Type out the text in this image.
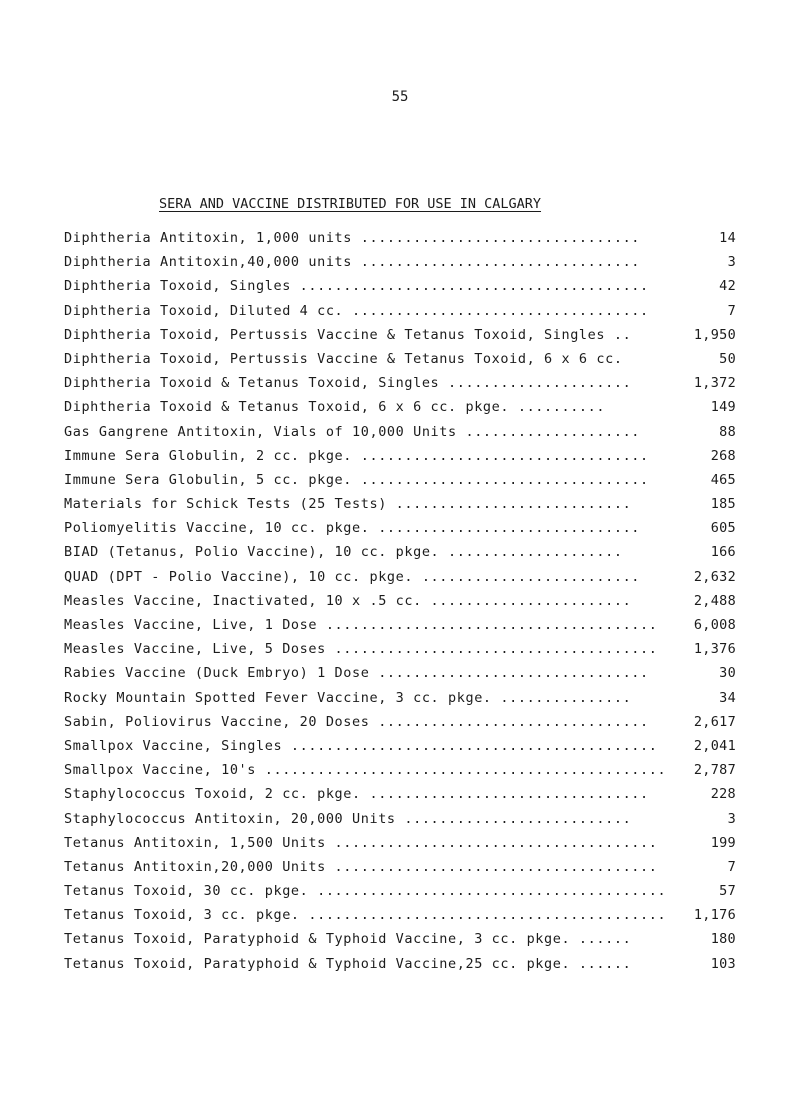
55
SERA AND VACCINE DISTRIBUTED FOR USE IN CALGARY
Diphtheria Antitoxin, 1,000 units ................................	14
Diphtheria Antitoxin,40,000 units ................................	3
Diphtheria Toxoid, Singles ........................................	42
Diphtheria Toxoid, Diluted 4 cc. ..................................	7
Diphtheria Toxoid, Pertussis Vaccine & Tetanus Toxoid, Singles ..	1,950
Diphtheria Toxoid, Pertussis Vaccine & Tetanus Toxoid, 6 x 6 cc.	50
Diphtheria Toxoid & Tetanus Toxoid, Singles .....................	1,372
Diphtheria Toxoid & Tetanus Toxoid, 6 x 6 cc. pkge. ..........	149
Gas Gangrene Antitoxin, Vials of 10,000 Units ....................	88
Immune Sera Globulin, 2 cc. pkge. .................................	268
Immune Sera Globulin, 5 cc. pkge. .................................	465
Materials for Schick Tests (25 Tests) ...........................	185
Poliomyelitis Vaccine, 10 cc. pkge. ..............................	605
BIAD (Tetanus, Polio Vaccine), 10 cc. pkge. ....................	166
QUAD (DPT - Polio Vaccine), 10 cc. pkge. .........................	2,632
Measles Vaccine, Inactivated, 10 x .5 cc. .......................	2,488
Measles Vaccine, Live, 1 Dose ......................................	6,008
Measles Vaccine, Live, 5 Doses .....................................	1,376
Rabies Vaccine (Duck Embryo) 1 Dose ...............................	30
Rocky Mountain Spotted Fever Vaccine, 3 cc. pkge. ...............	34
Sabin, Poliovirus Vaccine, 20 Doses ...............................	2,617
Smallpox Vaccine, Singles ..........................................	2,041
Smallpox Vaccine, 10's .............................................. 2,787
Staphylococcus Toxoid, 2 cc. pkge. ................................	228
Staphylococcus Antitoxin, 20,000 Units ..........................	3
Tetanus Antitoxin, 1,500 Units .....................................	199
Tetanus Antitoxin,20,000 Units .....................................	7
Tetanus Toxoid, 30 cc. pkge. ........................................	57
Tetanus Toxoid, 3 cc. pkge. ......................................... 1,176
Tetanus Toxoid, Paratyphoid & Typhoid Vaccine, 3 cc. pkge. ......	180
Tetanus Toxoid, Paratyphoid & Typhoid Vaccine,25 cc. pkge. ......	103
